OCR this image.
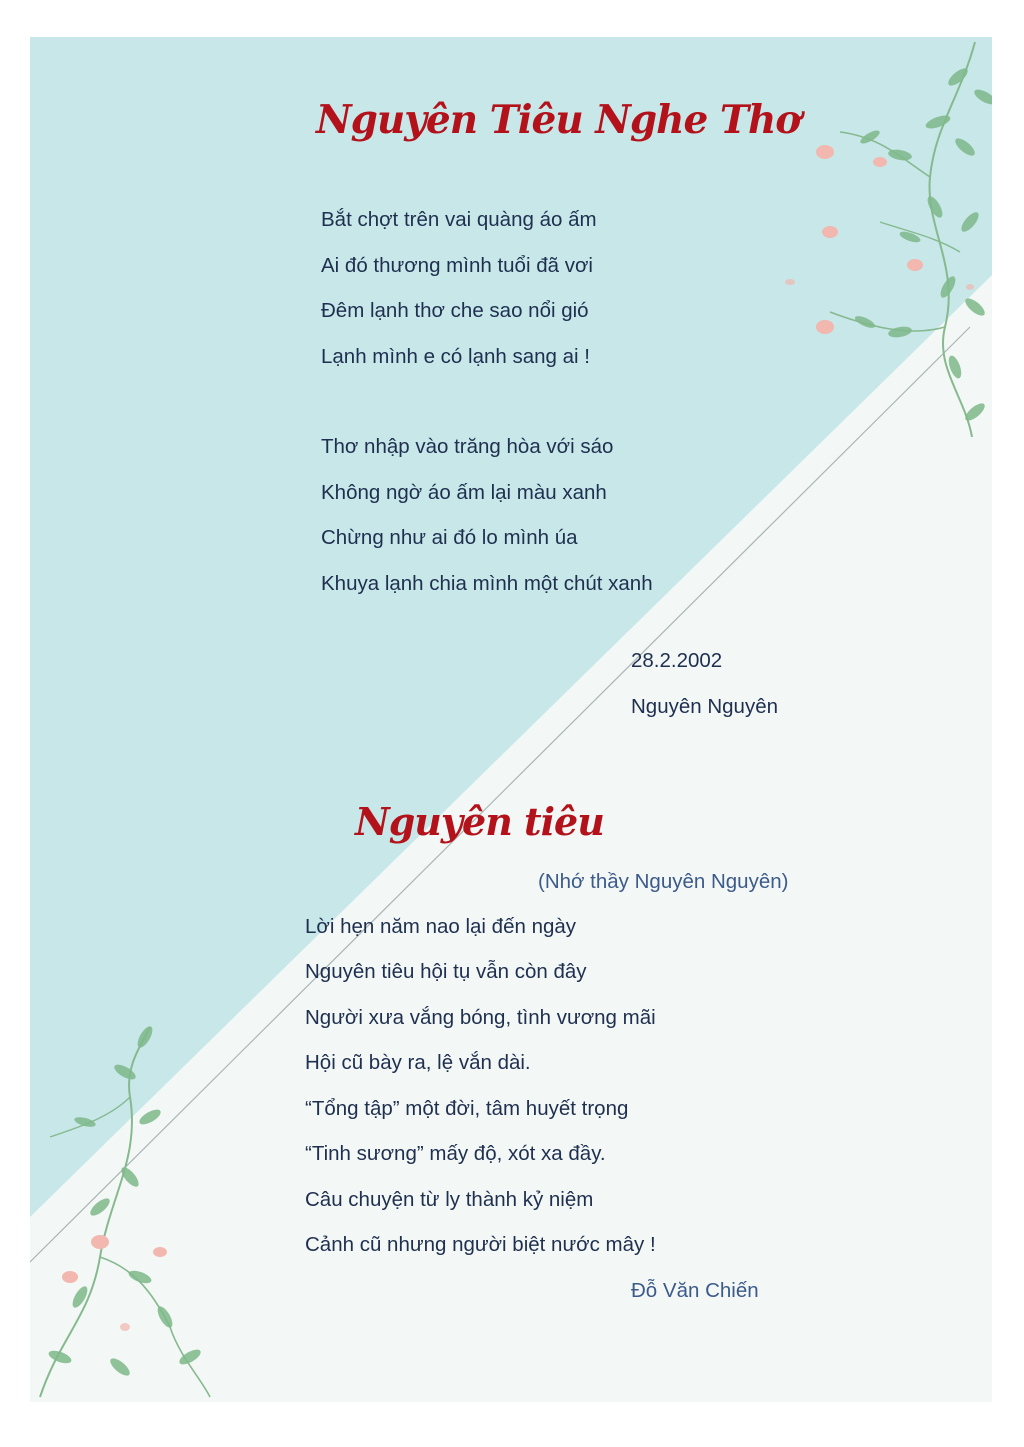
Nguyên Tiêu Nghe Thơ
Bắt chợt trên vai quàng áo ấm
Ai đó thương mình tuổi đã vơi
Đêm lạnh thơ che sao nổi gió
Lạnh mình e có lạnh sang ai !
Thơ nhập vào trăng hòa với sáo
Không ngờ áo ấm lại màu xanh
Chừng như ai đó lo mình úa
Khuya lạnh chia mình một chút xanh
28.2.2002
Nguyên Nguyên
Nguyên tiêu
(Nhớ thầy Nguyên Nguyên)
Lời hẹn năm nao lại đến ngày
Nguyên tiêu hội tụ vẫn còn đây
Người xưa vắng bóng, tình vương mãi
Hội cũ bày ra, lệ vắn dài.
“Tổng tập” một đời, tâm huyết trọng
“Tinh sương” mấy độ, xót xa đầy.
Câu chuyện từ ly thành kỷ niệm
Cảnh cũ nhưng người biệt nước mây !
Đỗ Văn Chiến
